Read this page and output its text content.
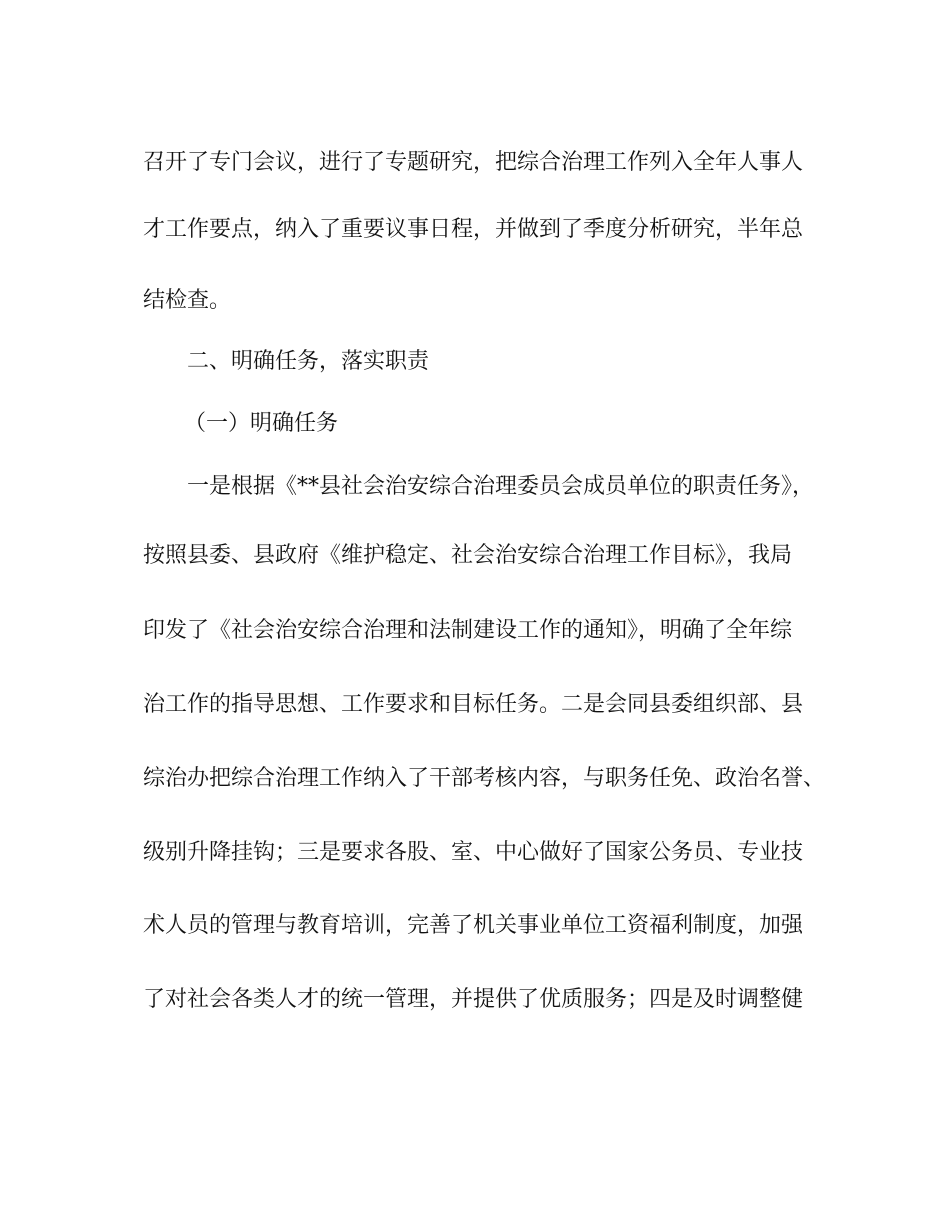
召开了专门会议，进行了专题研究，把综合治理工作列入全年人事人

才工作要点，纳入了重要议事日程，并做到了季度分析研究，半年总

结检查。

二、明确任务，落实职责

（一）明确任务

一是根据《**县社会治安综合治理委员会成员单位的职责任务》，

按照县委、县政府《维护稳定、社会治安综合治理工作目标》，我局

印发了《社会治安综合治理和法制建设工作的通知》，明确了全年综

治工作的指导思想、工作要求和目标任务。二是会同县委组织部、县

综治办把综合治理工作纳入了干部考核内容，与职务任免、政治名誉、

级别升降挂钩；三是要求各股、室、中心做好了国家公务员、专业技

术人员的管理与教育培训，完善了机关事业单位工资福利制度，加强

了对社会各类人才的统一管理，并提供了优质服务；四是及时调整健
